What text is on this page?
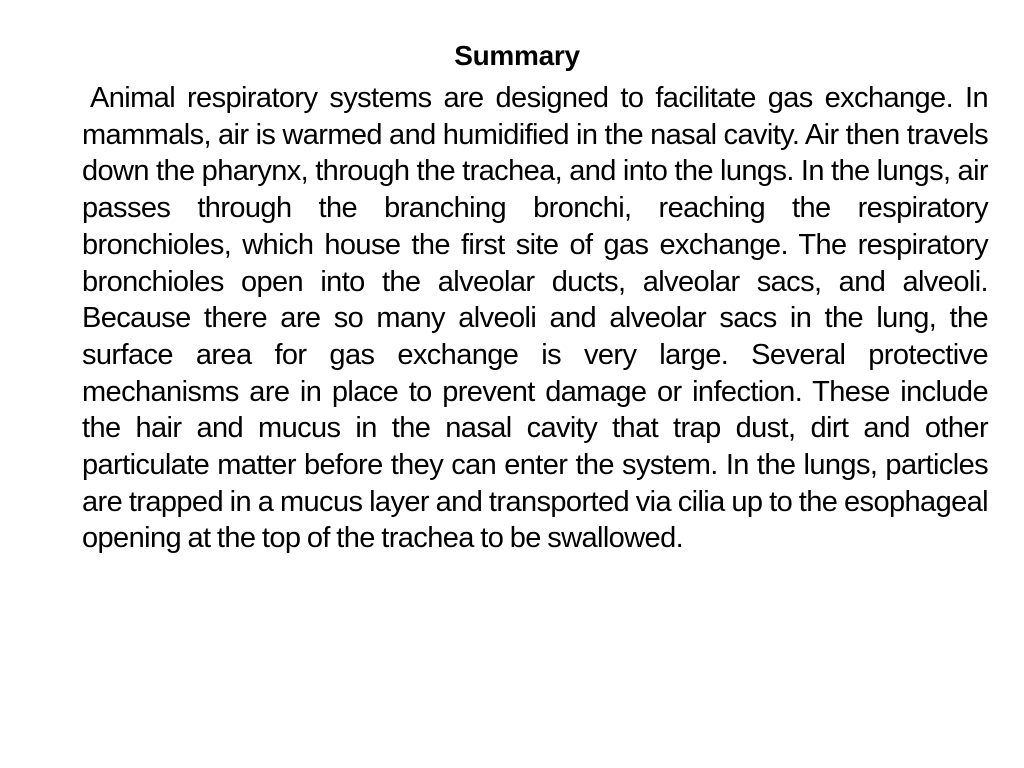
Summary

Animal respiratory systems are designed to facilitate gas exchange. In mammals, air is warmed and humidified in the nasal cavity. Air then travels down the pharynx, through the trachea, and into the lungs. In the lungs, air passes through the branching bronchi, reaching the respiratory bronchioles, which house the first site of gas exchange. The respiratory bronchioles open into the alveolar ducts, alveolar sacs, and alveoli. Because there are so many alveoli and alveolar sacs in the lung, the surface area for gas exchange is very large. Several protective mechanisms are in place to prevent damage or infection. These include the hair and mucus in the nasal cavity that trap dust, dirt and other particulate matter before they can enter the system. In the lungs, particles are trapped in a mucus layer and transported via cilia up to the esophageal opening at the top of the trachea to be swallowed.
